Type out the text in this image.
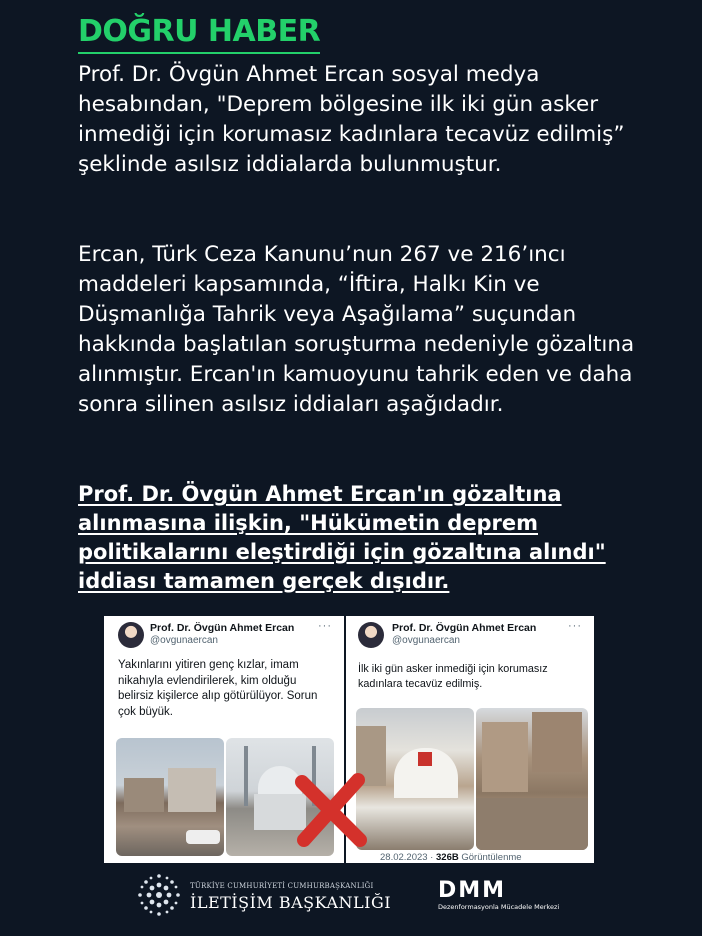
DOĞRU HABER

Prof. Dr. Övgün Ahmet Ercan sosyal medya hesabından, "Deprem bölgesine ilk iki gün asker inmediği için korumasız kadınlara tecavüz edilmiş” şeklinde asılsız iddialarda bulunmuştur.

Ercan, Türk Ceza Kanunu’nun 267 ve 216’ıncı maddeleri kapsamında, “İftira, Halkı Kin ve Düşmanlığa Tahrik veya Aşağılama” suçundan hakkında başlatılan soruşturma nedeniyle gözaltına alınmıştır. Ercan'ın kamuoyunu tahrik eden ve daha sonra silinen asılsız iddiaları aşağıdadır.

Prof. Dr. Övgün Ahmet Ercan'ın gözaltına alınmasına ilişkin, "Hükümetin deprem politikalarını eleştirdiği için gözaltına alındı" iddiası tamamen gerçek dışıdır.

Prof. Dr. Övgün Ahmet Ercan
@ovgunaercan
···

Yakınlarını yitiren genç kızlar, imam nikahıyla evlendirilerek, kim olduğu belirsiz kişilerce alıp götürülüyor. Sorun çok büyük.

Prof. Dr. Övgün Ahmet Ercan
@ovgunaercan
···

İlk iki gün asker inmediği için korumasız kadınlara tecavüz edilmiş.

28.02.2023 · 326B Görüntülenme
TÜRKİYE CUMHURİYETİ CUMHURBAŞKANLIĞI
İLETİŞİM BAŞKANLIĞI DMM
Dezenformasyonla Mücadele Merkezi
